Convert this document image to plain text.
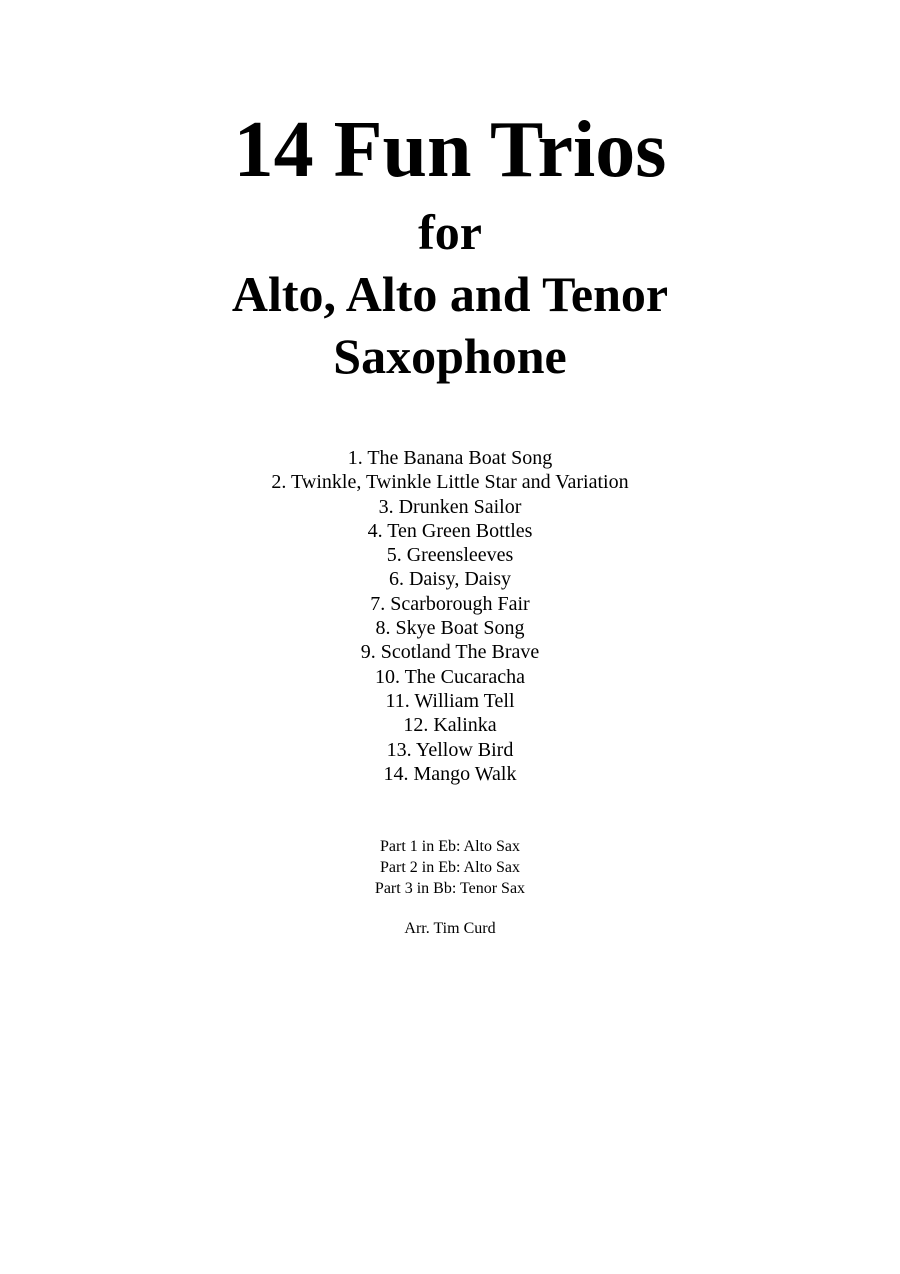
14 Fun Trios
for
Alto, Alto and Tenor
Saxophone
1. The Banana Boat Song
2. Twinkle, Twinkle Little Star and Variation
3. Drunken Sailor
4. Ten Green Bottles
5. Greensleeves
6. Daisy, Daisy
7. Scarborough Fair
8. Skye Boat Song
9. Scotland The Brave
10. The Cucaracha
11. William Tell
12. Kalinka
13. Yellow Bird
14. Mango Walk
Part 1 in Eb: Alto Sax
Part 2 in Eb: Alto Sax
Part 3 in Bb: Tenor Sax
Arr. Tim Curd
